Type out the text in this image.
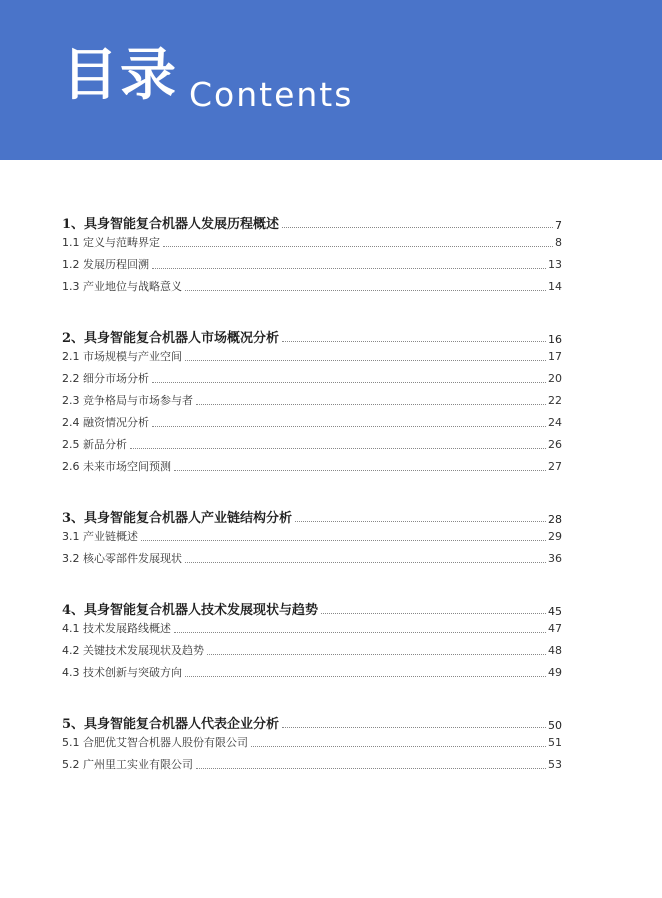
目录 Contents
1、具身智能复合机器人发展历程概述	7
1.1 定义与范畴界定	8
1.2 发展历程回溯	13
1.3 产业地位与战略意义	14
2、具身智能复合机器人市场概况分析	16
2.1 市场规模与产业空间	17
2.2 细分市场分析	20
2.3 竞争格局与市场参与者	22
2.4 融资情况分析	24
2.5 新品分析	26
2.6 未来市场空间预测	27
3、具身智能复合机器人产业链结构分析	28
3.1 产业链概述	29
3.2 核心零部件发展现状	36
4、具身智能复合机器人技术发展现状与趋势	45
4.1 技术发展路线概述	47
4.2 关键技术发展现状及趋势	48
4.3 技术创新与突破方向	49
5、具身智能复合机器人代表企业分析	50
5.1 合肥优艾智合机器人股份有限公司	51
5.2 广州里工实业有限公司	53
